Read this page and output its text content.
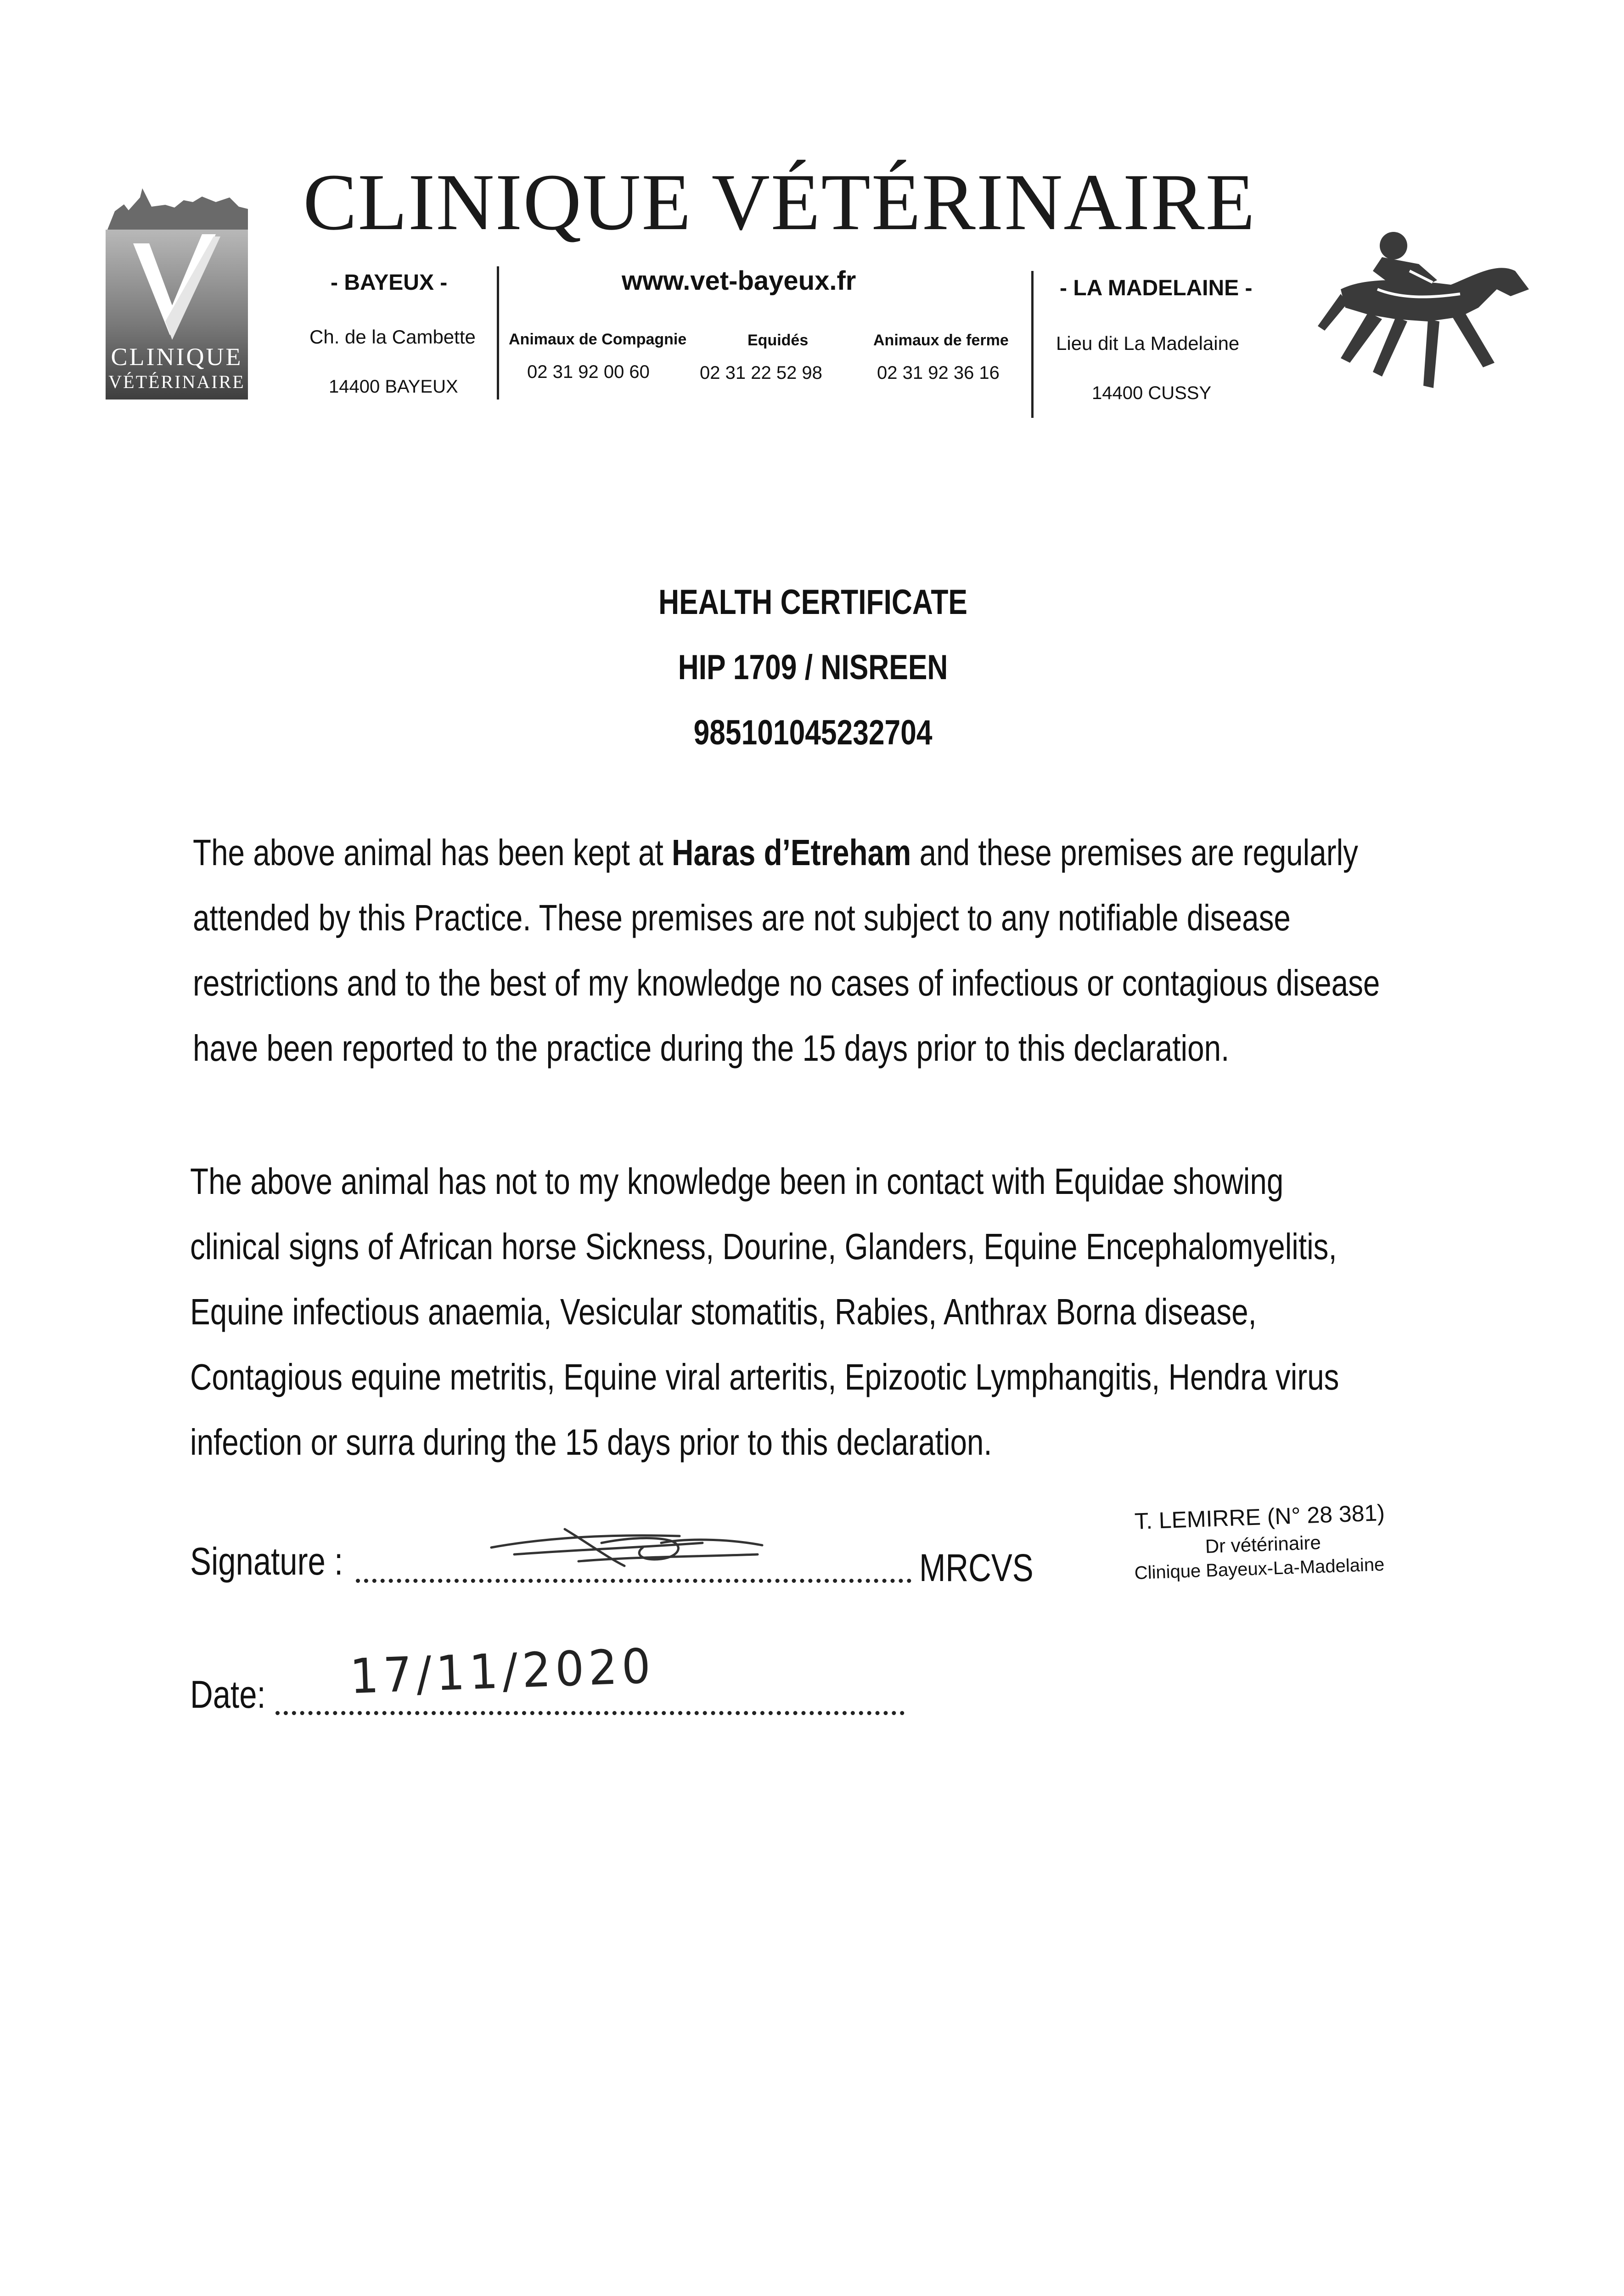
CLINIQUE
VÉTÉRINAIRE
CLINIQUE VÉTÉRINAIRE
- BAYEUX -
Ch. de la Cambette
14400 BAYEUX
www.vet-bayeux.fr
Animaux de Compagnie
02 31 92 00 60
Equidés
02 31 22 52 98
Animaux de ferme
02 31 92 36 16
- LA MADELAINE -
Lieu dit La Madelaine
14400 CUSSY
HEALTH CERTIFICATE
HIP 1709 / NISREEN
985101045232704
The above animal has been kept at Haras d’Etreham and these premises are regularly
attended by this Practice. These premises are not subject to any notifiable disease
restrictions and to the best of my knowledge no cases of infectious or contagious disease
have been reported to the practice during the 15 days prior to this declaration.
The above animal has not to my knowledge been in contact with Equidae showing
clinical signs of African horse Sickness, Dourine, Glanders, Equine Encephalomyelitis,
Equine infectious anaemia, Vesicular stomatitis, Rabies, Anthrax Borna disease,
Contagious equine metritis, Equine viral arteritis, Epizootic Lymphangitis, Hendra virus
infection or surra during the 15 days prior to this declaration.
Signature :	MRCVS
T. LEMIRRE (N° 28 381)
Dr vétérinaire
Clinique Bayeux-La-Madelaine
Date: 17/11/2020
